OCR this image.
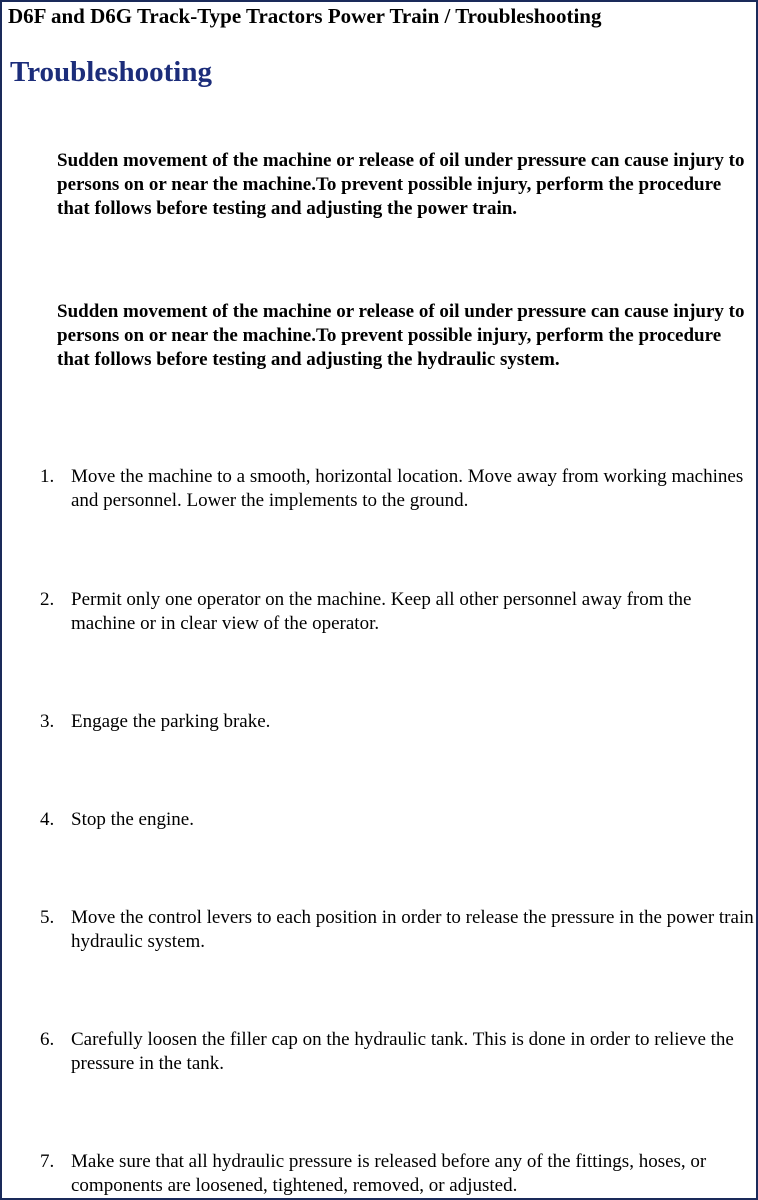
D6F and D6G Track-Type Tractors Power Train / Troubleshooting
Troubleshooting
Sudden movement of the machine or release of oil under pressure can cause injury to persons on or near the machine.To prevent possible injury, perform the procedure that follows before testing and adjusting the power train.
Sudden movement of the machine or release of oil under pressure can cause injury to persons on or near the machine.To prevent possible injury, perform the procedure that follows before testing and adjusting the hydraulic system.
1. Move the machine to a smooth, horizontal location. Move away from working machines and personnel. Lower the implements to the ground.
2. Permit only one operator on the machine. Keep all other personnel away from the machine or in clear view of the operator.
3. Engage the parking brake.
4. Stop the engine.
5. Move the control levers to each position in order to release the pressure in the power train hydraulic system.
6. Carefully loosen the filler cap on the hydraulic tank. This is done in order to relieve the pressure in the tank.
7. Make sure that all hydraulic pressure is released before any of the fittings, hoses, or components are loosened, tightened, removed, or adjusted.
